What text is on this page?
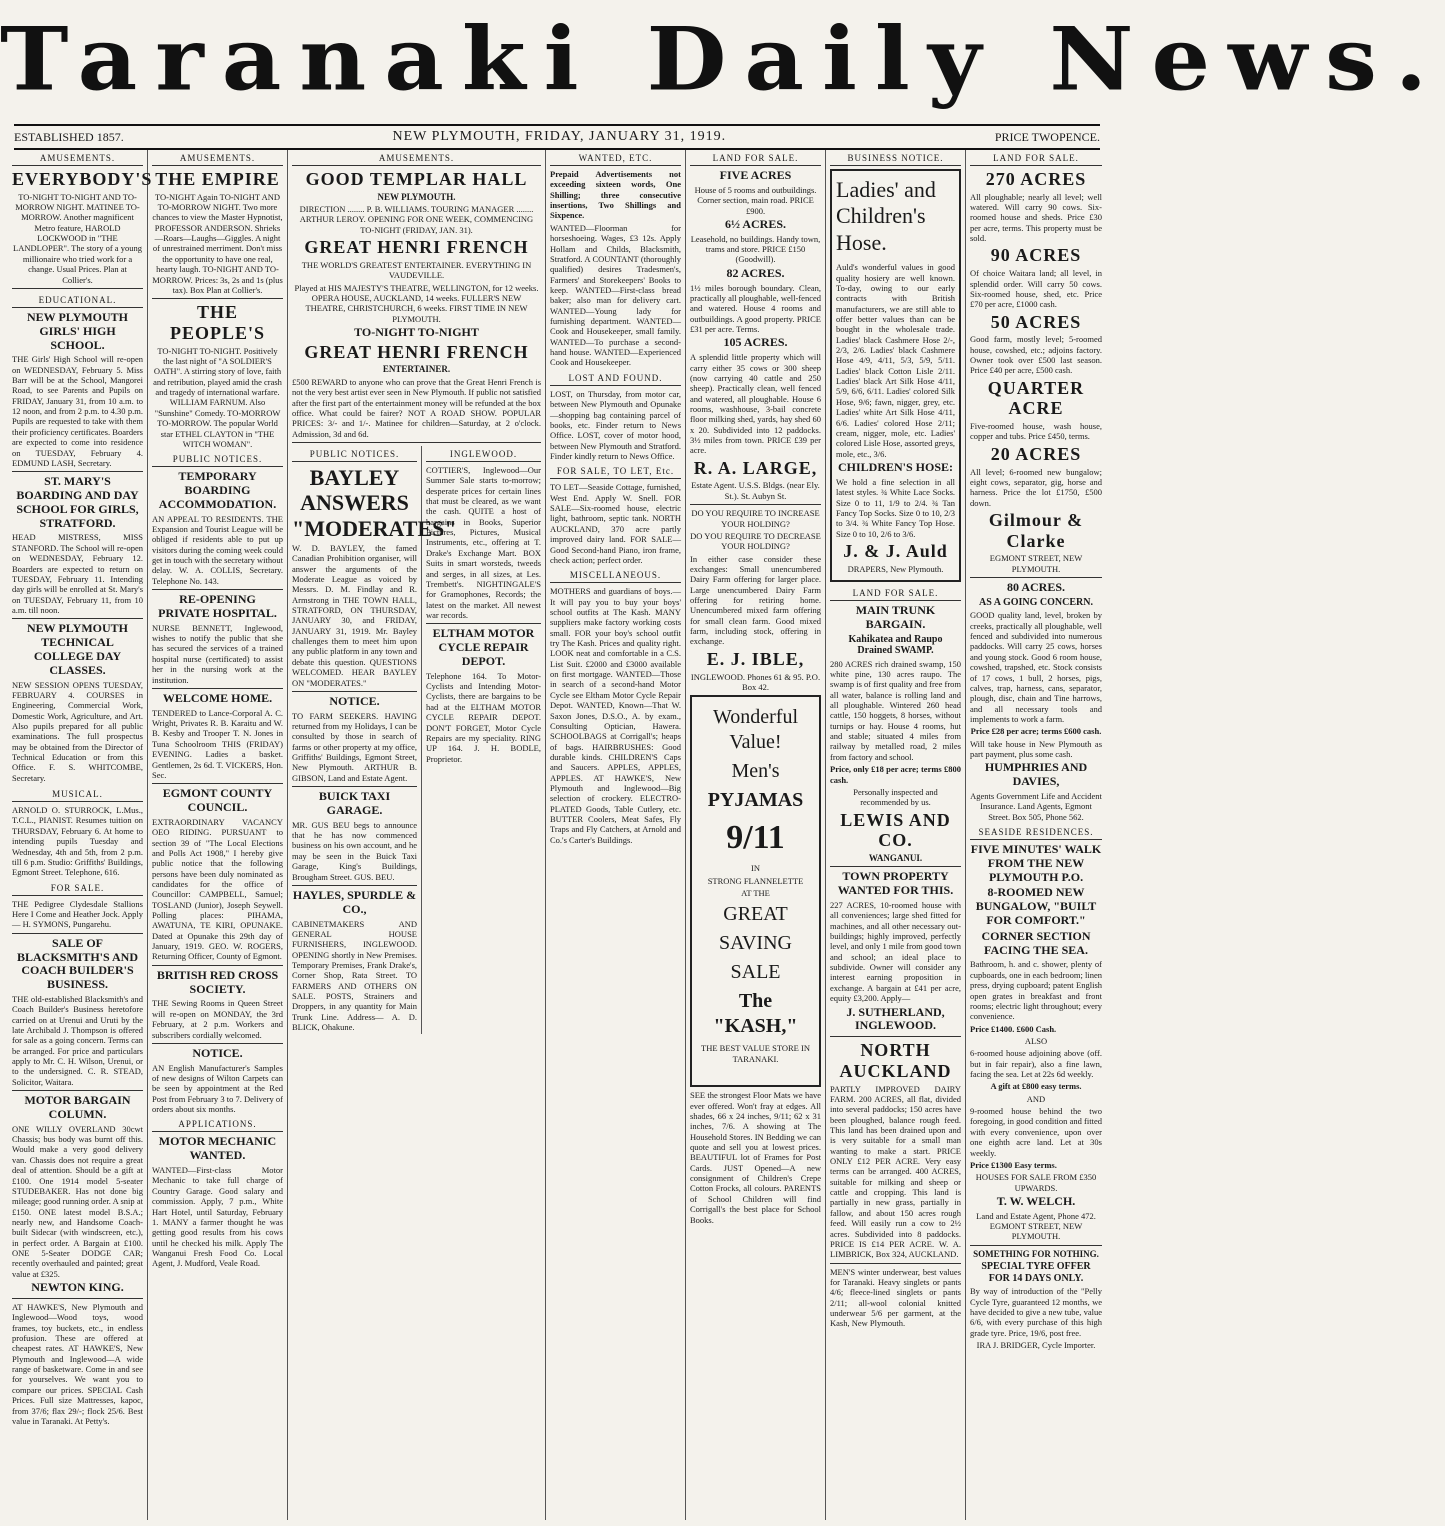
Taranaki Daily News.
ESTABLISHED 1857.	NEW PLYMOUTH, FRIDAY, JANUARY 31, 1919.	PRICE TWOPENCE.
AMUSEMENTS.
EVERYBODY'S

TO-NIGHT TO-NIGHT AND TO-MORROW NIGHT. MATINEE TO-MORROW. Another magnificent Metro feature, HAROLD LOCKWOOD in "THE LANDLOPER". The story of a young millionaire who tried work for a change. Usual Prices. Plan at Collier's.

EDUCATIONAL.
NEW PLYMOUTH GIRLS' HIGH SCHOOL.

THE Girls' High School will re-open on WEDNESDAY, February 5. Miss Barr will be at the School, Mangorei Road, to see Parents and Pupils on FRIDAY, January 31, from 10 a.m. to 12 noon, and from 2 p.m. to 4.30 p.m. Pupils are requested to take with them their proficiency certificates. Boarders are expected to come into residence on TUESDAY, February 4. EDMUND LASH, Secretary.

ST. MARY'S BOARDING AND DAY SCHOOL FOR GIRLS, STRATFORD.

HEAD MISTRESS, MISS STANFORD. The School will re-open on WEDNESDAY, February 12. Boarders are expected to return on TUESDAY, February 11. Intending day girls will be enrolled at St. Mary's on TUESDAY, February 11, from 10 a.m. till noon.

NEW PLYMOUTH TECHNICAL COLLEGE DAY CLASSES.

NEW SESSION OPENS TUESDAY, FEBRUARY 4. COURSES in Engineering, Commercial Work, Domestic Work, Agriculture, and Art. Also pupils prepared for all public examinations. The full prospectus may be obtained from the Director of Technical Education or from this Office. F. S. WHITCOMBE, Secretary.

MUSICAL.

ARNOLD O. STURROCK, L.Mus., T.C.L., PIANIST. Resumes tuition on THURSDAY, February 6. At home to intending pupils Tuesday and Wednesday, 4th and 5th, from 2 p.m. till 6 p.m. Studio: Griffiths' Buildings, Egmont Street. Telephone, 616.

FOR SALE.

THE Pedigree Clydesdale Stallions Here I Come and Heather Jock. Apply— H. SYMONS, Pungarehu.

SALE OF BLACKSMITH'S AND COACH BUILDER'S BUSINESS.

THE old-established Blacksmith's and Coach Builder's Business heretofore carried on at Urenui and Uruti by the late Archibald J. Thompson is offered for sale as a going concern. Terms can be arranged. For price and particulars apply to Mr. C. H. Wilson, Urenui, or to the undersigned. C. R. STEAD, Solicitor, Waitara.

MOTOR BARGAIN COLUMN.

ONE WILLY OVERLAND 30cwt Chassis; bus body was burnt off this. Would make a very good delivery van. Chassis does not require a great deal of attention. Should be a gift at £100. One 1914 model 5-seater STUDEBAKER. Has not done big mileage; good running order. A snip at £150. ONE latest model B.S.A.; nearly new, and Handsome Coach-built Sidecar (with windscreen, etc.), in perfect order. A Bargain at £100. ONE 5-Seater DODGE CAR; recently overhauled and painted; great value at £325.

NEWTON KING.

AT HAWKE'S, New Plymouth and Inglewood—Wood toys, wood frames, toy buckets, etc., in endless profusion. These are offered at cheapest rates. AT HAWKE'S, New Plymouth and Inglewood—A wide range of basketware. Come in and see for yourselves. We want you to compare our prices. SPECIAL Cash Prices. Full size Mattresses, kapoc, from 37/6; flax 29/-; flock 25/6. Best value in Taranaki. At Petty's.

AMUSEMENTS.
THE EMPIRE

TO-NIGHT Again TO-NIGHT AND TO-MORROW NIGHT. Two more chances to view the Master Hypnotist, PROFESSOR ANDERSON. Shrieks—Roars—Laughs—Giggles. A night of unrestrained merriment. Don't miss the opportunity to have one real, hearty laugh. TO-NIGHT AND TO-MORROW. Prices: 3s, 2s and 1s (plus tax). Box Plan at Collier's.

THE PEOPLE'S

TO-NIGHT TO-NIGHT. Positively the last night of "A SOLDIER'S OATH". A stirring story of love, faith and retribution, played amid the crash and tragedy of international warfare. WILLIAM FARNUM. Also "Sunshine" Comedy. TO-MORROW TO-MORROW. The popular World star ETHEL CLAYTON in "THE WITCH WOMAN".

PUBLIC NOTICES.
TEMPORARY BOARDING ACCOMMODATION.

AN APPEAL TO RESIDENTS. THE Expansion and Tourist League will be obliged if residents able to put up visitors during the coming week could get in touch with the secretary without delay. W. A. COLLIS, Secretary. Telephone No. 143.

RE-OPENING PRIVATE HOSPITAL.

NURSE BENNETT, Inglewood, wishes to notify the public that she has secured the services of a trained hospital nurse (certificated) to assist her in the nursing work at the institution.

WELCOME HOME.

TENDERED to Lance-Corporal A. C. Wright, Privates R. B. Karaitu and W. B. Kesby and Trooper T. N. Jones in Tuna Schoolroom THIS (FRIDAY) EVENING. Ladies a basket. Gentlemen, 2s 6d. T. VICKERS, Hon. Sec.

EGMONT COUNTY COUNCIL.

EXTRAORDINARY VACANCY OEO RIDING. PURSUANT to section 39 of "The Local Elections and Polls Act 1908," I hereby give public notice that the following persons have been duly nominated as candidates for the office of Councillor: CAMPBELL, Samuel; TOSLAND (Junior), Joseph Seywell. Polling places: PIHAMA, AWATUNA, TE KIRI, OPUNAKE. Dated at Opunake this 29th day of January, 1919. GEO. W. ROGERS, Returning Officer, County of Egmont.

BRITISH RED CROSS SOCIETY.

THE Sewing Rooms in Queen Street will re-open on MONDAY, the 3rd February, at 2 p.m. Workers and subscribers cordially welcomed.

NOTICE.

AN English Manufacturer's Samples of new designs of Wilton Carpets can be seen by appointment at the Red Post from February 3 to 7. Delivery of orders about six months.

APPLICATIONS.
MOTOR MECHANIC WANTED.

WANTED—First-class Motor Mechanic to take full charge of Country Garage. Good salary and commission. Apply, 7 p.m., White Hart Hotel, until Saturday, February 1. MANY a farmer thought he was getting good results from his cows until he checked his milk. Apply The Wanganui Fresh Food Co. Local Agent, J. Mudford, Veale Road.

AMUSEMENTS.
GOOD TEMPLAR HALL
NEW PLYMOUTH.

DIRECTION ........ P. B. WILLIAMS. TOURING MANAGER ........ ARTHUR LEROY. OPENING FOR ONE WEEK, COMMENCING TO-NIGHT (FRIDAY, JAN. 31).

GREAT HENRI FRENCH

THE WORLD'S GREATEST ENTERTAINER. EVERYTHING IN VAUDEVILLE.

Played at HIS MAJESTY'S THEATRE, WELLINGTON, for 12 weeks. OPERA HOUSE, AUCKLAND, 14 weeks. FULLER'S NEW THEATRE, CHRISTCHURCH, 6 weeks. FIRST TIME IN NEW PLYMOUTH.

TO-NIGHT TO-NIGHT
GREAT HENRI FRENCH
ENTERTAINER.

£500 REWARD to anyone who can prove that the Great Henri French is not the very best artist ever seen in New Plymouth. If public not satisfied after the first part of the entertainment money will be refunded at the box office. What could be fairer? NOT A ROAD SHOW. POPULAR PRICES: 3/- and 1/-. Matinee for children—Saturday, at 2 o'clock. Admission, 3d and 6d.

PUBLIC NOTICES.
BAYLEY ANSWERS "MODERATES"

W. D. BAYLEY, the famed Canadian Prohibition organiser, will answer the arguments of the Moderate League as voiced by Messrs. D. M. Findlay and R. Armstrong in THE TOWN HALL, STRATFORD, ON THURSDAY, JANUARY 30, and FRIDAY, JANUARY 31, 1919. Mr. Bayley challenges them to meet him upon any public platform in any town and debate this question. QUESTIONS WELCOMED. HEAR BAYLEY ON "MODERATES."

NOTICE.

TO FARM SEEKERS. HAVING returned from my Holidays, I can be consulted by those in search of farms or other property at my office, Griffiths' Buildings, Egmont Street, New Plymouth. ARTHUR B. GIBSON, Land and Estate Agent.

BUICK TAXI GARAGE.

MR. GUS BEU begs to announce that he has now commenced business on his own account, and he may be seen in the Buick Taxi Garage, King's Buildings, Brougham Street. GUS. BEU.

HAYLES, SPURDLE & CO.,

CABINETMAKERS AND GENERAL HOUSE FURNISHERS, INGLEWOOD. OPENING shortly in New Premises. Temporary Premises, Frank Drake's, Corner Shop, Rata Street. TO FARMERS AND OTHERS ON SALE. POSTS, Strainers and Droppers, in any quantity for Main Trunk Line. Address— A. D. BLICK, Ohakune.

INGLEWOOD.

COTTIER'S, Inglewood—Our Summer Sale starts to-morrow; desperate prices for certain lines that must be cleared, as we want the cash. QUITE a host of bargains in Books, Superior Pictures, Pictures, Musical Instruments, etc., offering at T. Drake's Exchange Mart. BOX Suits in smart worsteds, tweeds and serges, in all sizes, at Les. Trembett's. NIGHTINGALE'S for Gramophones, Records; the latest on the market. All newest war records.

ELTHAM MOTOR CYCLE REPAIR DEPOT.

Telephone 164. To Motor-Cyclists and Intending Motor-Cyclists, there are bargains to be had at the ELTHAM MOTOR CYCLE REPAIR DEPOT. DON'T FORGET, Motor Cycle Repairs are my speciality. RING UP 164. J. H. BODLE, Proprietor.

WANTED, ETC.

Prepaid Advertisements not exceeding sixteen words, One Shilling; three consecutive insertions, Two Shillings and Sixpence.

WANTED—Floorman for horseshoeing. Wages, £3 12s. Apply Hollam and Childs, Blacksmith, Stratford. A COUNTANT (thoroughly qualified) desires Tradesmen's, Farmers' and Storekeepers' Books to keep. WANTED—First-class bread baker; also man for delivery cart. WANTED—Young lady for furnishing department. WANTED—Cook and Housekeeper, small family. WANTED—To purchase a second-hand house. WANTED—Experienced Cook and Housekeeper.

LOST AND FOUND.

LOST, on Thursday, from motor car, between New Plymouth and Opunake—shopping bag containing parcel of books, etc. Finder return to News Office. LOST, cover of motor hood, between New Plymouth and Stratford. Finder kindly return to News Office.

FOR SALE, TO LET, Etc.

TO LET—Seaside Cottage, furnished, West End. Apply W. Snell. FOR SALE—Six-roomed house, electric light, bathroom, septic tank. NORTH AUCKLAND, 370 acre partly improved dairy land. FOR SALE—Good Second-hand Piano, iron frame, check action; perfect order.

MISCELLANEOUS.

MOTHERS and guardians of boys.—It will pay you to buy your boys' school outfits at The Kash. MANY suppliers make factory working costs small. FOR your boy's school outfit try The Kash. Prices and quality right. LOOK neat and comfortable in a C.S. List Suit. £2000 and £3000 available on first mortgage. WANTED—Those in search of a second-hand Motor Cycle see Eltham Motor Cycle Repair Depot. WANTED, Known—That W. Saxon Jones, D.S.O., A. by exam., Consulting Optician, Hawera. SCHOOLBAGS at Corrigall's; heaps of bags. HAIRBRUSHES: Good durable kinds. CHILDREN'S Caps and Saucers. APPLES, APPLES, APPLES. AT HAWKE'S, New Plymouth and Inglewood—Big selection of crockery. ELECTRO-PLATED Goods, Table Cutlery, etc. BUTTER Coolers, Meat Safes, Fly Traps and Fly Catchers, at Arnold and Co.'s Carter's Buildings.

LAND FOR SALE.
FIVE ACRES

House of 5 rooms and outbuildings. Corner section, main road. PRICE £900.

6½ ACRES.

Leasehold, no buildings. Handy town, trams and store. PRICE £150 (Goodwill).

82 ACRES.

1½ miles borough boundary. Clean, practically all ploughable, well-fenced and watered. House 4 rooms and outbuildings. A good property. PRICE £31 per acre. Terms.

105 ACRES.

A splendid little property which will carry either 35 cows or 300 sheep (now carrying 40 cattle and 250 sheep). Practically clean, well fenced and watered, all ploughable. House 6 rooms, washhouse, 3-bail concrete floor milking shed, yards, hay shed 60 x 20. Subdivided into 12 paddocks. 3½ miles from town. PRICE £39 per acre.

R. A. LARGE,

Estate Agent. U.S.S. Bldgs. (near Ely. St.). St. Aubyn St.

DO YOU REQUIRE TO INCREASE YOUR HOLDING?

DO YOU REQUIRE TO DECREASE YOUR HOLDING?

In either case consider these exchanges: Small unencumbered Dairy Farm offering for larger place. Large unencumbered Dairy Farm offering for retiring home. Unencumbered mixed farm offering for small clean farm. Good mixed farm, including stock, offering in exchange.

E. J. IBLE,

INGLEWOOD. Phones 61 & 95. P.O. Box 42.

Wonderful Value!
Men's
PYJAMAS
9/11
IN
STRONG FLANNELETTE
AT THE
GREAT
SAVING
SALE
The "KASH,"
THE BEST VALUE STORE IN TARANAKI.

SEE the strongest Floor Mats we have ever offered. Won't fray at edges. All shades, 66 x 24 inches, 9/11; 62 x 31 inches, 7/6. A showing at The Household Stores. IN Bedding we can quote and sell you at lowest prices. BEAUTIFUL lot of Frames for Post Cards. JUST Opened—A new consignment of Children's Crepe Cotton Frocks, all colours. PARENTS of School Children will find Corrigall's the best place for School Books.

BUSINESS NOTICE.
Ladies' and Children's Hose.

Auld's wonderful values in good quality hosiery are well known. To-day, owing to our early contracts with British manufacturers, we are still able to offer better values than can be bought in the wholesale trade. Ladies' black Cashmere Hose 2/-, 2/3, 2/6. Ladies' black Cashmere Hose 4/9, 4/11, 5/3, 5/9, 5/11. Ladies' black Cotton Lisle 2/11. Ladies' black Art Silk Hose 4/11, 5/9, 6/6, 6/11. Ladies' colored Silk Hose, 9/6; fawn, nigger, grey, etc. Ladies' white Art Silk Hose 4/11, 6/6. Ladies' colored Hose 2/11; cream, nigger, mole, etc. Ladies' colored Lisle Hose, assorted greys, mole, etc., 3/6.

CHILDREN'S HOSE:

We hold a fine selection in all latest styles. ¾ White Lace Socks. Size 0 to 11, 1/9 to 2/4. ¾ Tan Fancy Top Socks. Size 0 to 10, 2/3 to 3/4. ¾ White Fancy Top Hose. Size 0 to 10, 2/6 to 3/6.

J. & J. Auld

DRAPERS, New Plymouth.

LAND FOR SALE.
MAIN TRUNK BARGAIN.
Kahikatea and Raupo Drained SWAMP.

280 ACRES rich drained swamp, 150 white pine, 130 acres raupo. The swamp is of first quality and free from all water, balance is rolling land and all ploughable. Wintered 260 head cattle, 150 hoggets, 8 horses, without turnips or hay. House 4 rooms, hut and stable; situated 4 miles from railway by metalled road, 2 miles from factory and school.

Price, only £18 per acre; terms £800 cash.

Personally inspected and recommended by us.

LEWIS AND CO.
WANGANUI.
TOWN PROPERTY WANTED FOR THIS.

227 ACRES, 10-roomed house with all conveniences; large shed fitted for machines, and all other necessary out-buildings; highly improved, perfectly level, and only 1 mile from good town and school; an ideal place to subdivide. Owner will consider any interest earning proposition in exchange. A bargain at £41 per acre, equity £3,200. Apply—

J. SUTHERLAND, INGLEWOOD.
NORTH AUCKLAND

PARTLY IMPROVED DAIRY FARM. 200 ACRES, all flat, divided into several paddocks; 150 acres have been ploughed, balance rough feed. This land has been drained upon and is very suitable for a small man wanting to make a start. PRICE ONLY £12 PER ACRE. Very easy terms can be arranged. 400 ACRES, suitable for milking and sheep or cattle and cropping. This land is partially in new grass, partially in fallow, and about 150 acres rough feed. Will easily run a cow to 2½ acres. Subdivided into 8 paddocks. PRICE IS £14 PER ACRE. W. A. LIMBRICK, Box 324, AUCKLAND.

MEN'S winter underwear, best values for Taranaki. Heavy singlets or pants 4/6; fleece-lined singlets or pants 2/11; all-wool colonial knitted underwear 5/6 per garment, at the Kash, New Plymouth.

LAND FOR SALE.
270 ACRES

All ploughable; nearly all level; well watered. Will carry 90 cows. Six-roomed house and sheds. Price £30 per acre, terms. This property must be sold.

90 ACRES

Of choice Waitara land; all level, in splendid order. Will carry 50 cows. Six-roomed house, shed, etc. Price £70 per acre, £1000 cash.

50 ACRES

Good farm, mostly level; 5-roomed house, cowshed, etc.; adjoins factory. Owner took over £500 last season. Price £40 per acre, £500 cash.

QUARTER ACRE

Five-roomed house, wash house, copper and tubs. Price £450, terms.

20 ACRES

All level; 6-roomed new bungalow; eight cows, separator, gig, horse and harness. Price the lot £1750, £500 down.

Gilmour & Clarke

EGMONT STREET, NEW PLYMOUTH.

80 ACRES.
AS A GOING CONCERN.

GOOD quality land, level, broken by creeks, practically all ploughable, well fenced and subdivided into numerous paddocks. Will carry 25 cows, horses and young stock. Good 6 room house, cowshed, trapshed, etc. Stock consists of 17 cows, 1 bull, 2 horses, pigs, calves, trap, harness, cans, separator, plough, disc, chain and Tine harrows, and all necessary tools and implements to work a farm.

Price £28 per acre; terms £600 cash.

Will take house in New Plymouth as part payment, plus some cash.

HUMPHRIES AND DAVIES,

Agents Government Life and Accident Insurance. Land Agents, Egmont Street. Box 505, Phone 562.

SEASIDE RESIDENCES.
FIVE MINUTES' WALK FROM THE NEW PLYMOUTH P.O.
8-ROOMED NEW BUNGALOW, "BUILT FOR COMFORT."
CORNER SECTION FACING THE SEA.

Bathroom, h. and c. shower, plenty of cupboards, one in each bedroom; linen press, drying cupboard; patent English open grates in breakfast and front rooms; electric light throughout; every convenience.

Price £1400. £600 Cash.

ALSO

6-roomed house adjoining above (off. but in fair repair), also a fine lawn, facing the sea. Let at 22s 6d weekly.

A gift at £800 easy terms.

AND

9-roomed house behind the two foregoing, in good condition and fitted with every convenience, upon over one eighth acre land. Let at 30s weekly.

Price £1300 Easy terms.

HOUSES FOR SALE FROM £350 UPWARDS.

T. W. WELCH.

Land and Estate Agent, Phone 472. EGMONT STREET, NEW PLYMOUTH.

SOMETHING FOR NOTHING.
SPECIAL TYRE OFFER FOR 14 DAYS ONLY.

By way of introduction of the "Pelly Cycle Tyre, guaranteed 12 months, we have decided to give a new tube, value 6/6, with every purchase of this high grade tyre. Price, 19/6, post free.

IRA J. BRIDGER, Cycle Importer.
